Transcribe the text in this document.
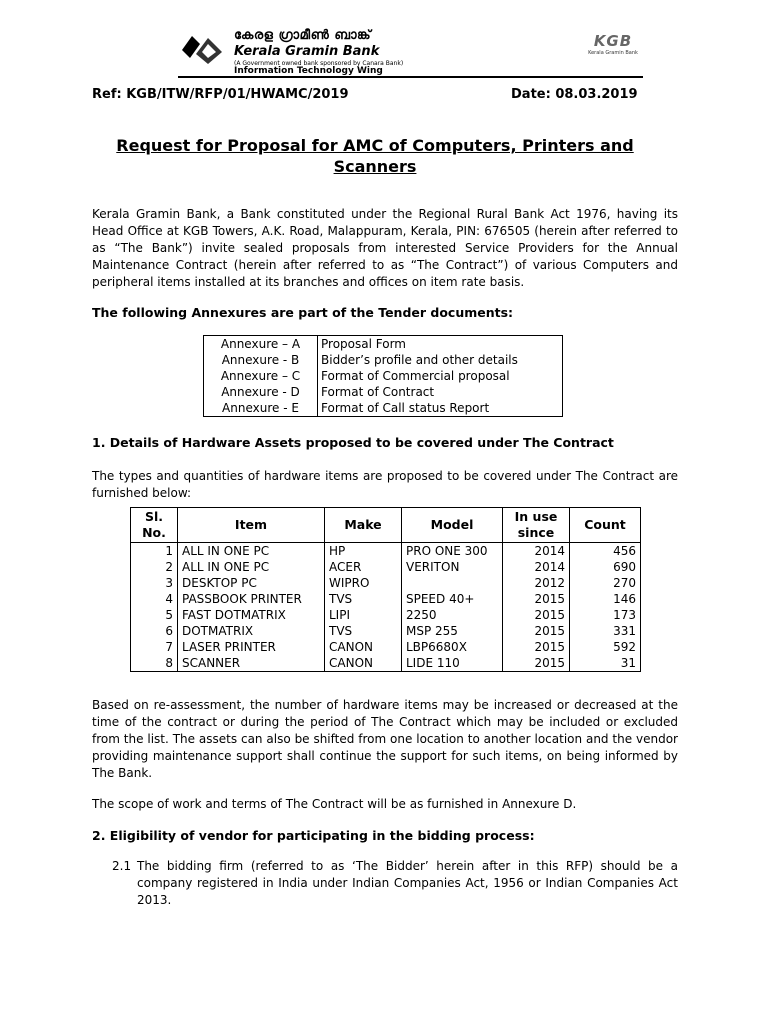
കേരള ഗ്രാമീൺ ബാങ്ക്
Kerala Gramin Bank
(A Government owned bank sponsored by Canara Bank)
Information Technology Wing
KGB
Kerala Gramin Bank
Ref: KGB/ITW/RFP/01/HWAMC/2019	Date: 08.03.2019
Request for Proposal for AMC of Computers, Printers and
Scanners
Kerala Gramin Bank, a Bank constituted under the Regional Rural Bank Act 1976, having its Head Office at KGB Towers, A.K. Road, Malappuram, Kerala, PIN: 676505 (herein after referred to as “The Bank”) invite sealed proposals from interested Service Providers for the Annual Maintenance Contract (herein after referred to as “The Contract”) of various Computers and peripheral items installed at its branches and offices on item rate basis.
The following Annexures are part of the Tender documents:
Annexure – A	Proposal Form
Annexure - B	Bidder’s profile and other details
Annexure – C	Format of Commercial proposal
Annexure - D	Format of Contract
Annexure - E	Format of Call status Report
1. Details of Hardware Assets proposed to be covered under The Contract
The types and quantities of hardware items are proposed to be covered under The Contract are furnished below:
Sl. No.	Item	Make	Model	In use since	Count
1	ALL IN ONE PC	HP	PRO ONE 300	2014	456
2	ALL IN ONE PC	ACER	VERITON	2014	690
3	DESKTOP PC	WIPRO		2012	270
4	PASSBOOK PRINTER	TVS	SPEED 40+	2015	146
5	FAST DOTMATRIX	LIPI	2250	2015	173
6	DOTMATRIX	TVS	MSP 255	2015	331
7	LASER PRINTER	CANON	LBP6680X	2015	592
8	SCANNER	CANON	LIDE 110	2015	31
Based on re-assessment, the number of hardware items may be increased or decreased at the time of the contract or during the period of The Contract which may be included or excluded from the list. The assets can also be shifted from one location to another location and the vendor providing maintenance support shall continue the support for such items, on being informed by The Bank.
The scope of work and terms of The Contract will be as furnished in Annexure D.
2. Eligibility of vendor for participating in the bidding process:
2.1 The bidding firm (referred to as ‘The Bidder’ herein after in this RFP) should be a company registered in India under Indian Companies Act, 1956 or Indian Companies Act 2013.
